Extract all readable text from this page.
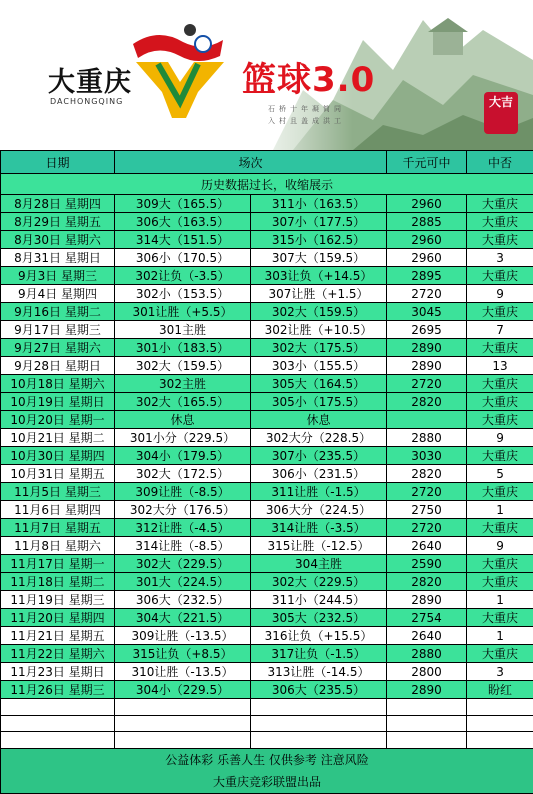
大重庆
DACHONGQING
篮球3.0
石桥十年凝简同
入村且盖成洪工
大吉
日期	场次		千元可中	中否
历史数据过长，收缩展示				
8月28日 星期四	309大（165.5）	311小（163.5）	2960	大重庆
8月29日 星期五	306大（163.5）	307小（177.5）	2885	大重庆
8月30日 星期六	314大（151.5）	315小（162.5）	2960	大重庆
8月31日 星期日	306小（170.5）	307大（159.5）	2960	3
9月3日 星期三	302让负（-3.5）	303让负（+14.5）	2895	大重庆
9月4日 星期四	302小（153.5）	307让胜（+1.5）	2720	9
9月16日 星期二	301让胜（+5.5）	302大（159.5）	3045	大重庆
9月17日 星期三	301主胜	302让胜（+10.5）	2695	7
9月27日 星期六	301小（183.5）	302大（175.5）	2890	大重庆
9月28日 星期日	302大（159.5）	303小（155.5）	2890	13
10月18日 星期六	302主胜	305大（164.5）	2720	大重庆
10月19日 星期日	302大（165.5）	305小（175.5）	2820	大重庆
10月20日 星期一	休息	休息		大重庆
10月21日 星期二	301小分（229.5）	302大分（228.5）	2880	9
10月30日 星期四	304小（179.5）	307小（235.5）	3030	大重庆
10月31日 星期五	302大（172.5）	306小（231.5）	2820	5
11月5日 星期三	309让胜（-8.5）	311让胜（-1.5）	2720	大重庆
11月6日 星期四	302大分（176.5）	306大分（224.5）	2750	1
11月7日 星期五	312让胜（-4.5）	314让胜（-3.5）	2720	大重庆
11月8日 星期六	314让胜（-8.5）	315让胜（-12.5）	2640	9
11月17日 星期一	302大（229.5）	304主胜	2590	大重庆
11月18日 星期二	301大（224.5）	302大（229.5）	2820	大重庆
11月19日 星期三	306大（232.5）	311小（244.5）	2890	1
11月20日 星期四	304大（221.5）	305大（232.5）	2754	大重庆
11月21日 星期五	309让胜（-13.5）	316让负（+15.5）	2640	1
11月22日 星期六	315让负（+8.5）	317让负（-1.5）	2880	大重庆
11月23日 星期日	310让胜（-13.5）	313让胜（-14.5）	2800	3
11月26日 星期三	304小（229.5）	306大（235.5）	2890	盼红

公益体彩 乐善人生 仅供参考 注意风险				
大重庆竞彩联盟出品				
